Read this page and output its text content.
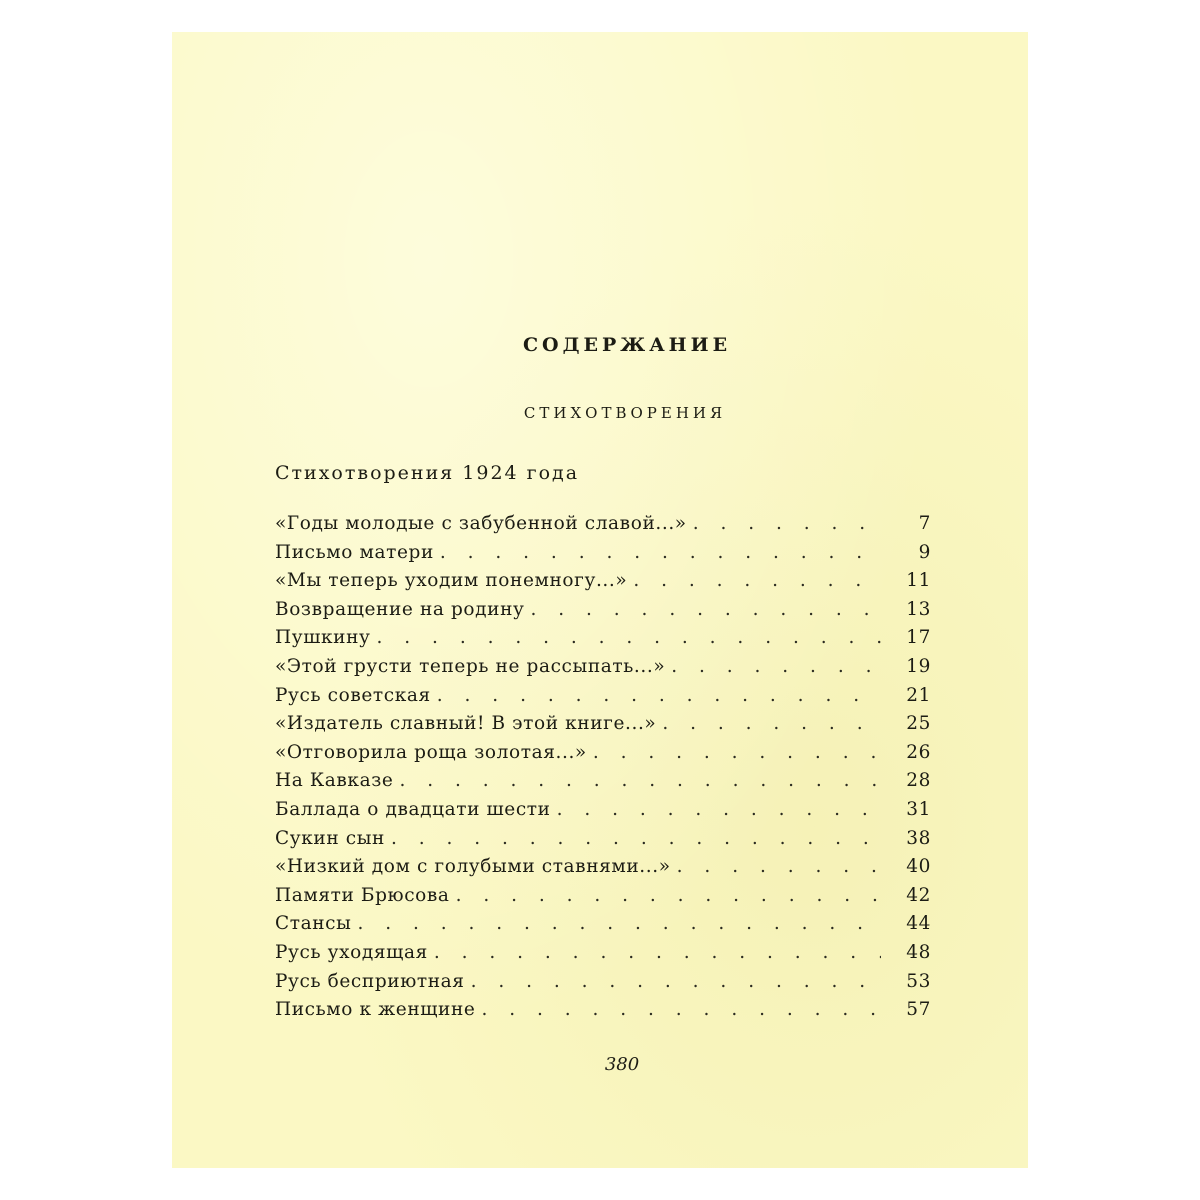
СОДЕРЖАНИЕ
СТИХОТВОРЕНИЯ
Стихотворения 1924 года
«Годы молодые с забубенной славой...» . . .	7
Письмо матери . . .	9
«Мы теперь уходим понемногу...» . . .	11
Возвращение на родину . . .	13
Пушкину . . .	17
«Этой грусти теперь не рассыпать...» . . .	19
Русь советская . . .	21
«Издатель славный! В этой книге...» . . .	25
«Отговорила роща золотая...» . . .	26
На Кавказе . . .	28
Баллада о двадцати шести . . .	31
Сукин сын . . .	38
«Низкий дом с голубыми ставнями...» . . .	40
Памяти Брюсова . . .	42
Стансы . . .	44
Русь уходящая . . .	48
Русь бесприютная . . .	53
Письмо к женщине . . .	57
380
